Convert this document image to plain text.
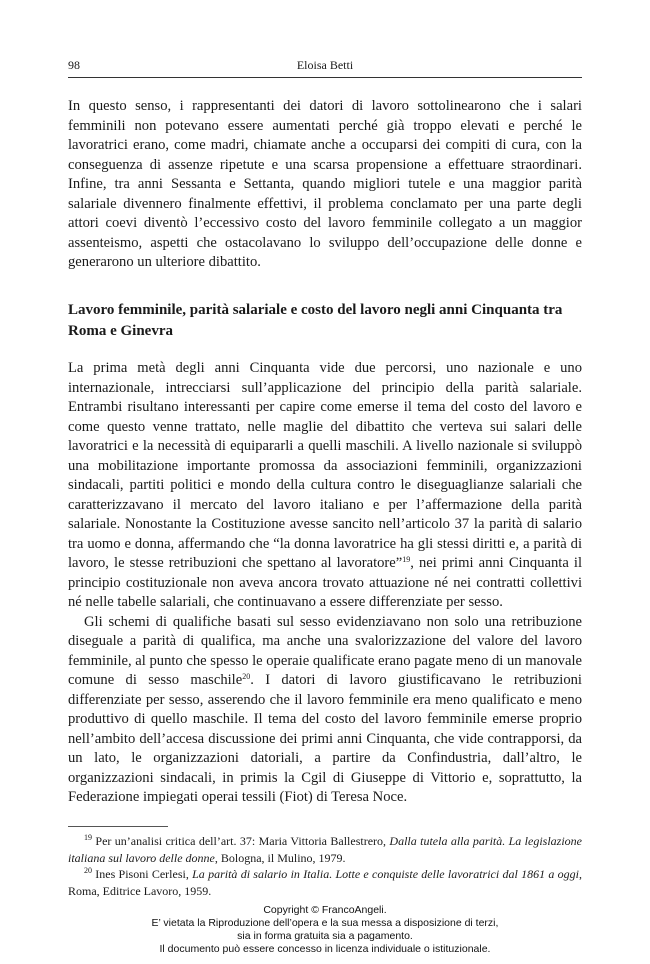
98	Eloisa Betti

In questo senso, i rappresentanti dei datori di lavoro sottolinearono che i salari femminili non potevano essere aumentati perché già troppo elevati e perché le lavoratrici erano, come madri, chiamate anche a occuparsi dei compiti di cura, con la conseguenza di assenze ripetute e una scarsa propensione a effettuare straordinari. Infine, tra anni Sessanta e Settanta, quando migliori tutele e una maggior parità salariale divennero finalmente effettivi, il problema conclamato per una parte degli attori coevi diventò l’eccessivo costo del lavoro femminile collegato a un maggior assenteismo, aspetti che ostacolavano lo sviluppo dell’occupazione delle donne e generarono un ulteriore dibattito.

Lavoro femminile, parità salariale e costo del lavoro negli anni Cinquanta tra Roma e Ginevra

La prima metà degli anni Cinquanta vide due percorsi, uno nazionale e uno internazionale, intrecciarsi sull’applicazione del principio della parità salariale. Entrambi risultano interessanti per capire come emerse il tema del costo del lavoro e come questo venne trattato, nelle maglie del dibattito che verteva sui salari delle lavoratrici e la necessità di equipararli a quelli maschili. A livello nazionale si sviluppò una mobilitazione importante promossa da associazioni femminili, organizzazioni sindacali, partiti politici e mondo della cultura contro le diseguaglianze salariali che caratterizzavano il mercato del lavoro italiano e per l’affermazione della parità salariale. Nonostante la Costituzione avesse sancito nell’articolo 37 la parità di salario tra uomo e donna, affermando che “la donna lavoratrice ha gli stessi diritti e, a parità di lavoro, le stesse retribuzioni che spettano al lavoratore”$^{19}$, nei primi anni Cinquanta il principio costituzionale non aveva ancora trovato attuazione né nei contratti collettivi né nelle tabelle salariali, che continuavano a essere differenziate per sesso.

Gli schemi di qualifiche basati sul sesso evidenziavano non solo una retribuzione diseguale a parità di qualifica, ma anche una svalorizzazione del valore del lavoro femminile, al punto che spesso le operaie qualificate erano pagate meno di un manovale comune di sesso maschile$^{20}$. I datori di lavoro giustificavano le retribuzioni differenziate per sesso, asserendo che il lavoro femminile era meno qualificato e meno produttivo di quello maschile. Il tema del costo del lavoro femminile emerse proprio nell’ambito dell’accesa discussione dei primi anni Cinquanta, che vide contrapporsi, da un lato, le organizzazioni datoriali, a partire da Confindustria, dall’altro, le organizzazioni sindacali, in primis la Cgil di Giuseppe di Vittorio e, soprattutto, la Federazione impiegati operai tessili (Fiot) di Teresa Noce.

$^{19}$ Per un’analisi critica dell’art. 37: Maria Vittoria Ballestrero, Dalla tutela alla parità. La legislazione italiana sul lavoro delle donne, Bologna, il Mulino, 1979.

$^{20}$ Ines Pisoni Cerlesi, La parità di salario in Italia. Lotte e conquiste delle lavoratrici dal 1861 a oggi, Roma, Editrice Lavoro, 1959.

Copyright © FrancoAngeli.
E’ vietata la Riproduzione dell’opera e la sua messa a disposizione di terzi,
sia in forma gratuita sia a pagamento.
Il documento può essere concesso in licenza individuale o istituzionale.
